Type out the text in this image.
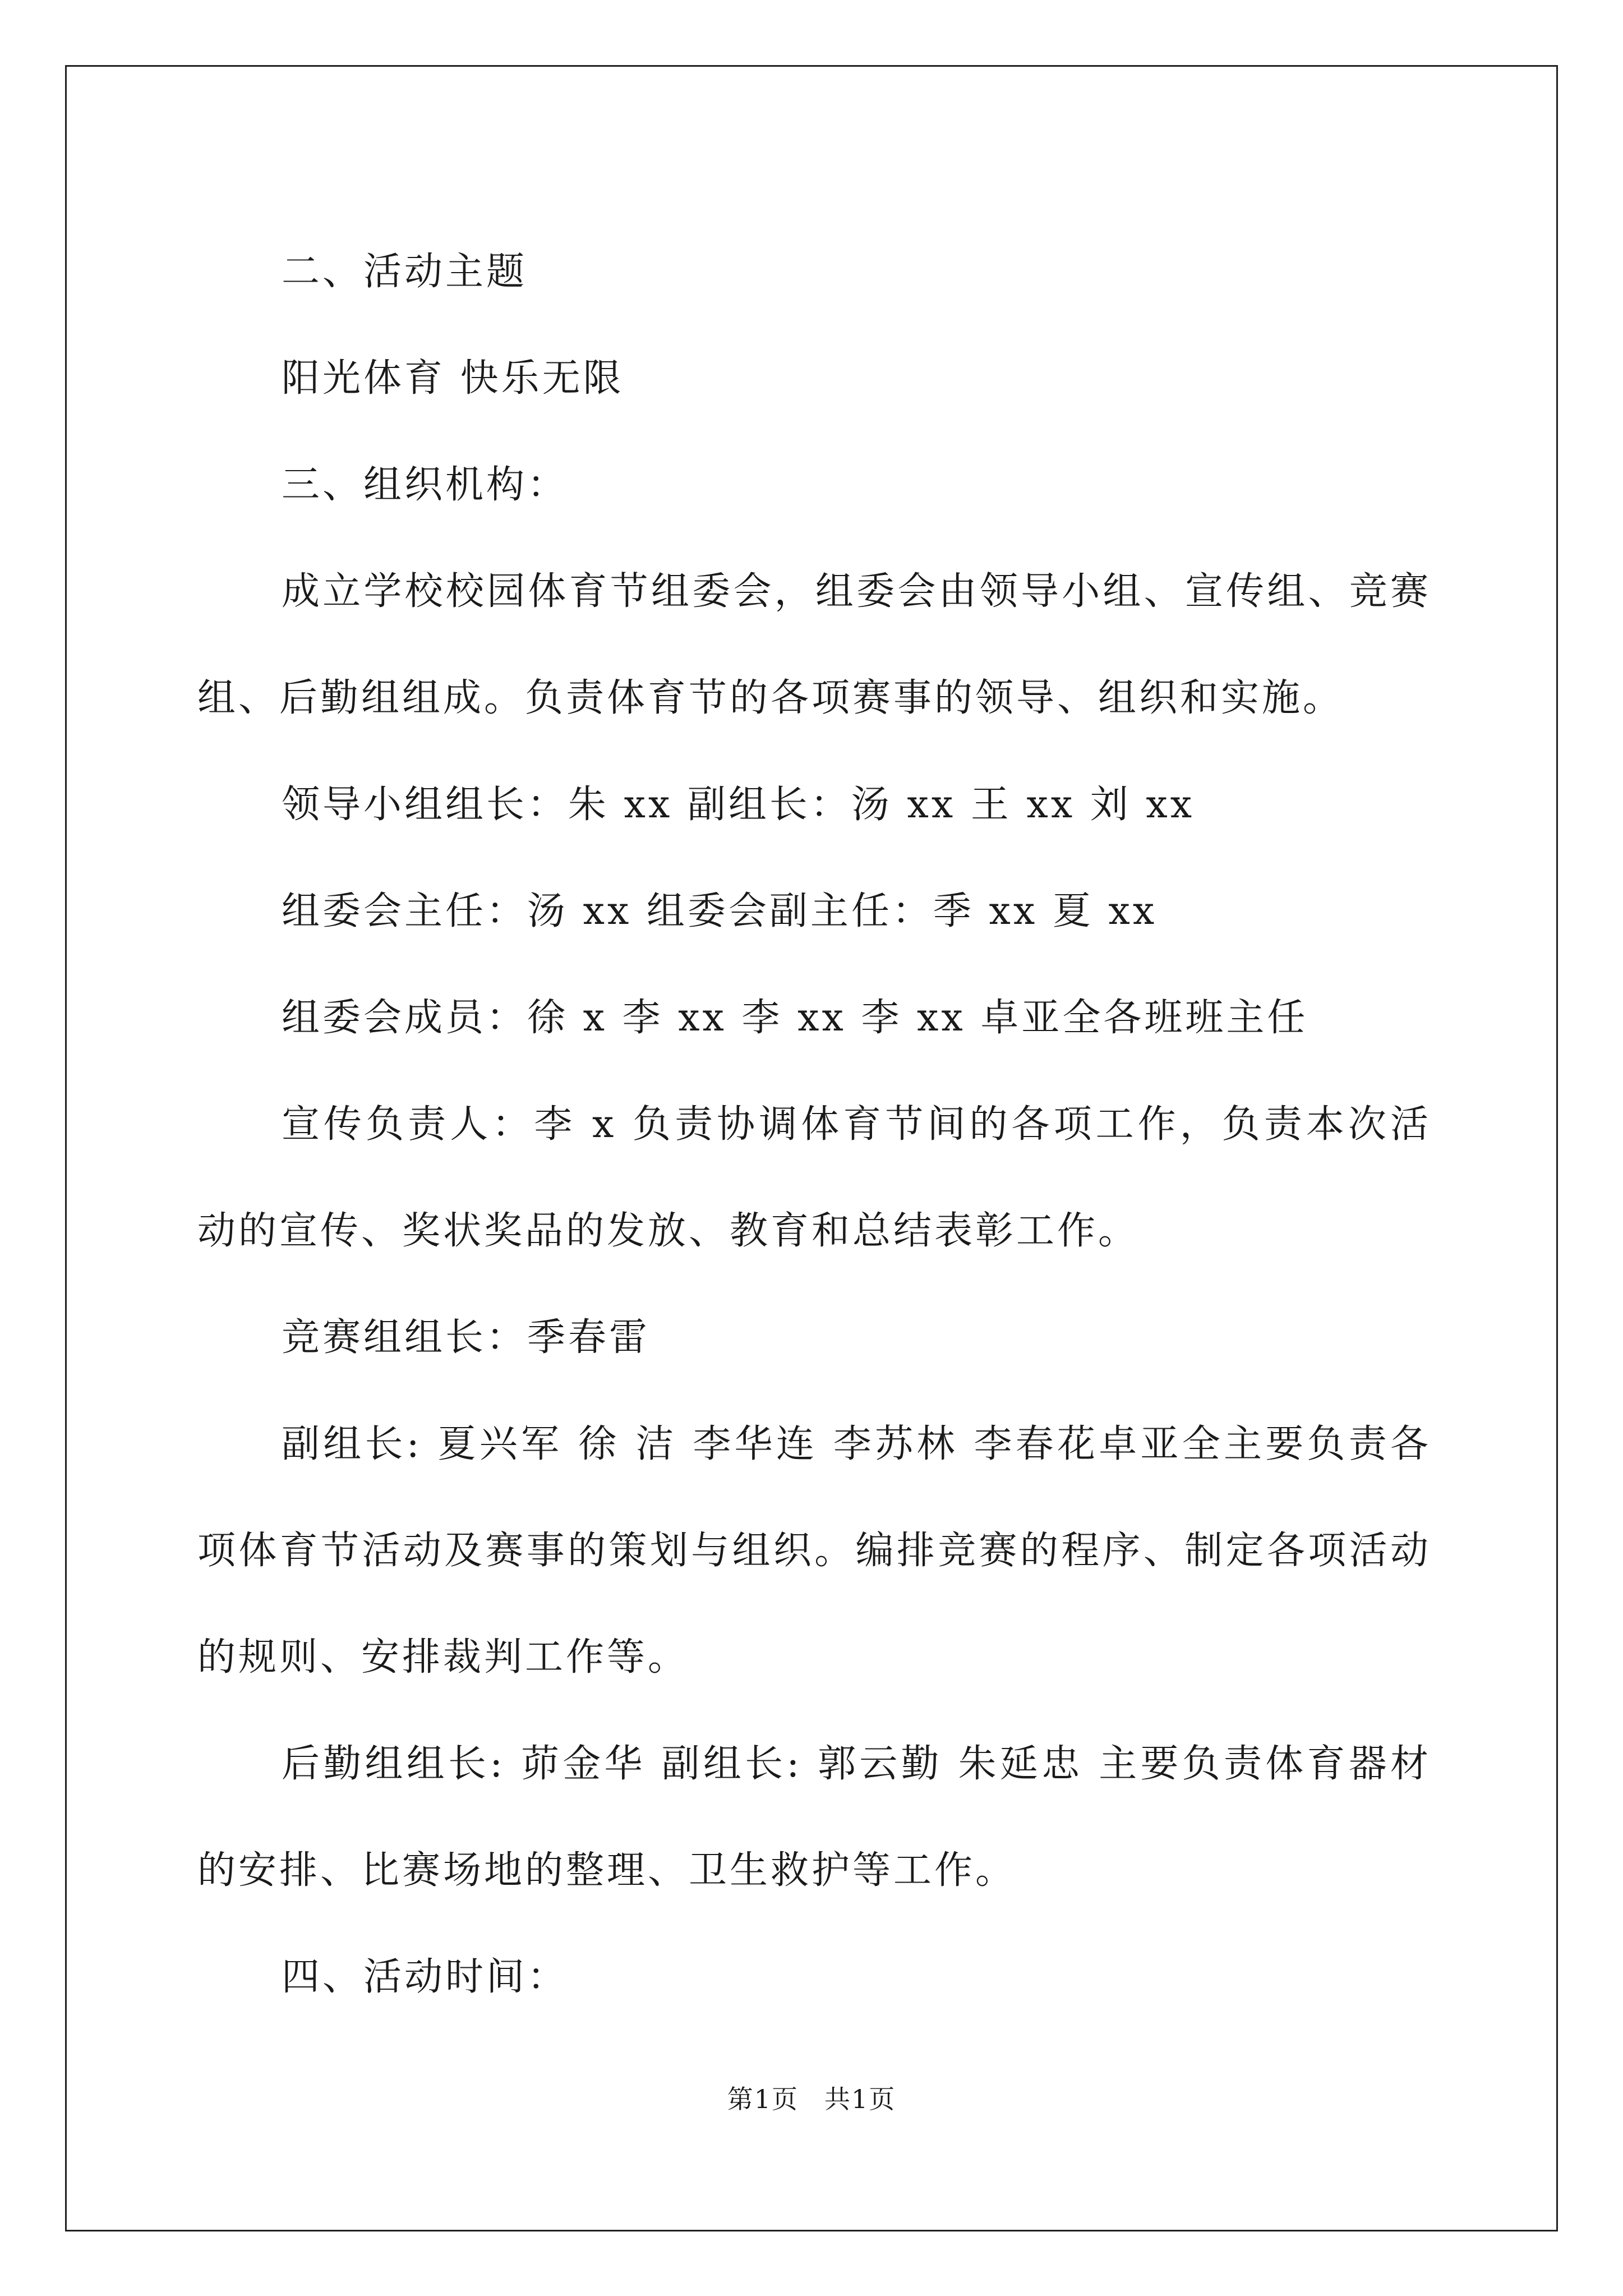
二、活动主题

阳光体育 快乐无限

三、组织机构：

成立学校校园体育节组委会，组委会由领导小组、宣传组、竞赛组、后勤组组成。负责体育节的各项赛事的领导、组织和实施。

领导小组组长：朱 xx 副组长：汤 xx 王 xx 刘 xx

组委会主任：汤 xx 组委会副主任：季 xx 夏 xx

组委会成员：徐 x 李 xx 李 xx 李 xx 卓亚全各班班主任

宣传负责人：李 x 负责协调体育节间的各项工作，负责本次活动的宣传、奖状奖品的发放、教育和总结表彰工作。

竞赛组组长：季春雷

副组长: 夏兴军 徐 洁 李华连 李苏林 李春花卓亚全主要负责各项体育节活动及赛事的策划与组织。编排竞赛的程序、制定各项活动的规则、安排裁判工作等。

后勤组组长: 茆金华 副组长: 郭云勤 朱延忠 主要负责体育器材的安排、比赛场地的整理、卫生救护等工作。

四、活动时间：

第1页 共1页
